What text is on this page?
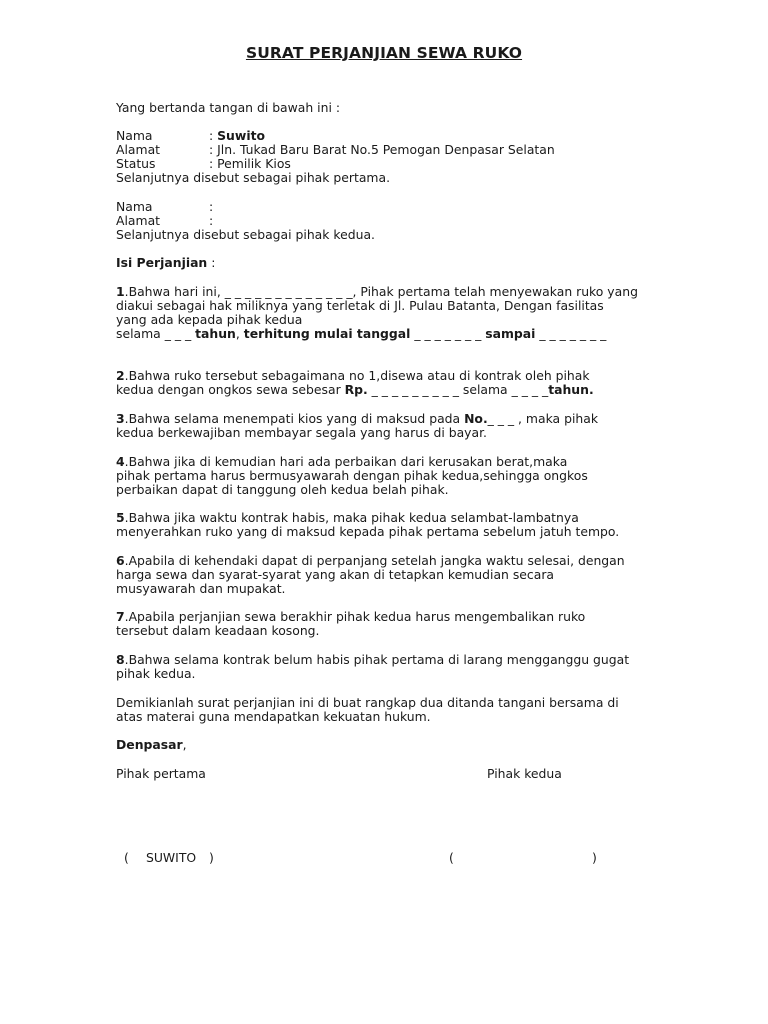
SURAT PERJANJIAN SEWA RUKO
Yang bertanda tangan di bawah ini :
Nama	: Suwito
Alamat	: Jln. Tukad Baru Barat No.5 Pemogan Denpasar Selatan
Status	: Pemilik Kios
Selanjutnya disebut sebagai pihak pertama.
Nama	:
Alamat	:
Selanjutnya disebut sebagai pihak kedua.
Isi Perjanjian :
1.Bahwa hari ini, _ _ _ _ _ _ _ _ _ _ _ _ _, Pihak pertama telah menyewakan ruko yang
diakui sebagai hak miliknya yang terletak di Jl. Pulau Batanta, Dengan fasilitas
yang ada kepada pihak kedua
selama _ _ _ tahun, terhitung mulai tanggal _ _ _ _ _ _ _ sampai _ _ _ _ _ _ _
2.Bahwa ruko tersebut sebagaimana no 1,disewa atau di kontrak oleh pihak
kedua dengan ongkos sewa sebesar Rp. _ _ _ _ _ _ _ _ _ selama _ _ _ _tahun.
3.Bahwa selama menempati kios yang di maksud pada No._ _ _ , maka pihak
kedua berkewajiban membayar segala yang harus di bayar.
4.Bahwa jika di kemudian hari ada perbaikan dari kerusakan berat,maka
pihak pertama harus bermusyawarah dengan pihak kedua,sehingga ongkos
perbaikan dapat di tanggung oleh kedua belah pihak.
5.Bahwa jika waktu kontrak habis, maka pihak kedua selambat-lambatnya
menyerahkan ruko yang di maksud kepada pihak pertama sebelum jatuh tempo.
6.Apabila di kehendaki dapat di perpanjang setelah jangka waktu selesai, dengan
harga sewa dan syarat-syarat yang akan di tetapkan kemudian secara
musyawarah dan mupakat.
7.Apabila perjanjian sewa berakhir pihak kedua harus mengembalikan ruko
tersebut dalam keadaan kosong.
8.Bahwa selama kontrak belum habis pihak pertama di larang mengganggu gugat
pihak kedua.
Demikianlah surat perjanjian ini di buat rangkap dua ditanda tangani bersama di
atas materai guna mendapatkan kekuatan hukum.
Denpasar,
Pihak pertama	Pihak kedua
( SUWITO )	(	)
